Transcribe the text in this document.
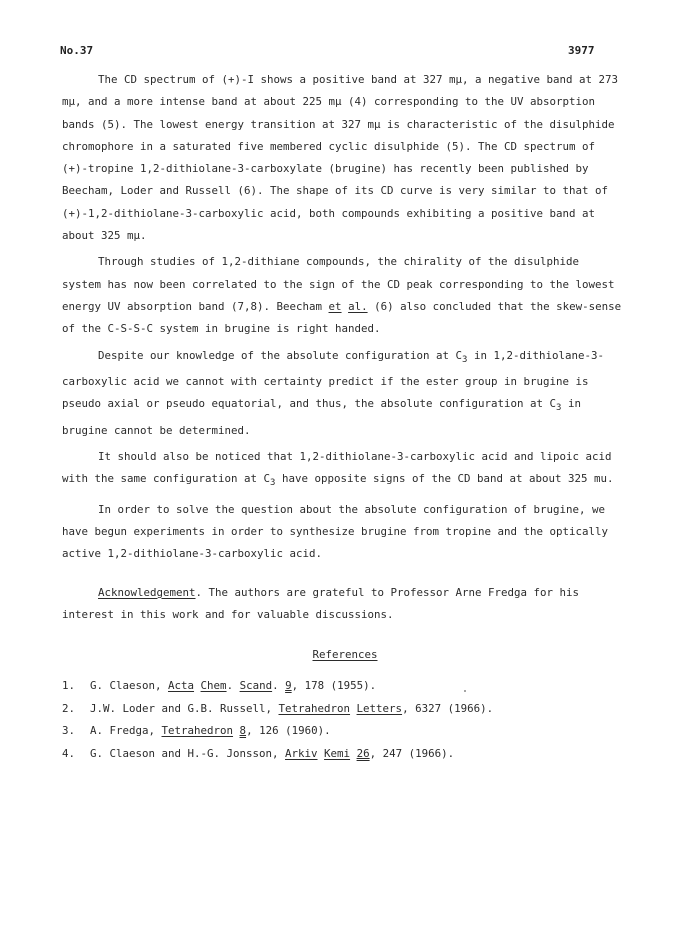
No.37	3977

The CD spectrum of (+)-I shows a positive band at 327 mμ, a negative band at 273 mμ, and a more intense band at about 225 mμ (4) corresponding to the UV absorption bands (5). The lowest energy transition at 327 mμ is characteristic of the disulphide chromophore in a saturated five membered cyclic disulphide (5). The CD spectrum of (+)-tropine 1,2-dithiolane-3-carboxylate (brugine) has recently been published by Beecham, Loder and Russell (6). The shape of its CD curve is very similar to that of (+)-1,2-dithiolane-3-carboxylic acid, both compounds exhibiting a positive band at about 325 mμ.

Through studies of 1,2-dithiane compounds, the chirality of the disulphide system has now been correlated to the sign of the CD peak corresponding to the lowest energy UV absorption band (7,8). Beecham et al. (6) also concluded that the skew-sense of the C-S-S-C system in brugine is right handed.

Despite our knowledge of the absolute configuration at $C_3$ in 1,2-dithiolane-3-carboxylic acid we cannot with certainty predict if the ester group in brugine is pseudo axial or pseudo equatorial, and thus, the absolute configuration at $C_3$ in brugine cannot be determined.

It should also be noticed that 1,2-dithiolane-3-carboxylic acid and lipoic acid with the same configuration at $C_3$ have opposite signs of the CD band at about 325 mu.

In order to solve the question about the absolute configuration of brugine, we have begun experiments in order to synthesize brugine from tropine and the optically active 1,2-dithiolane-3-carboxylic acid.

Acknowledgement. The authors are grateful to Professor Arne Fredga for his interest in this work and for valuable discussions.

References
1. G. Claeson, Acta Chem. Scand. 9, 178 (1955).
2. J.W. Loder and G.B. Russell, Tetrahedron Letters, 6327 (1966).
3. A. Fredga, Tetrahedron 8, 126 (1960).
4. G. Claeson and H.-G. Jonsson, Arkiv Kemi 26, 247 (1966).
